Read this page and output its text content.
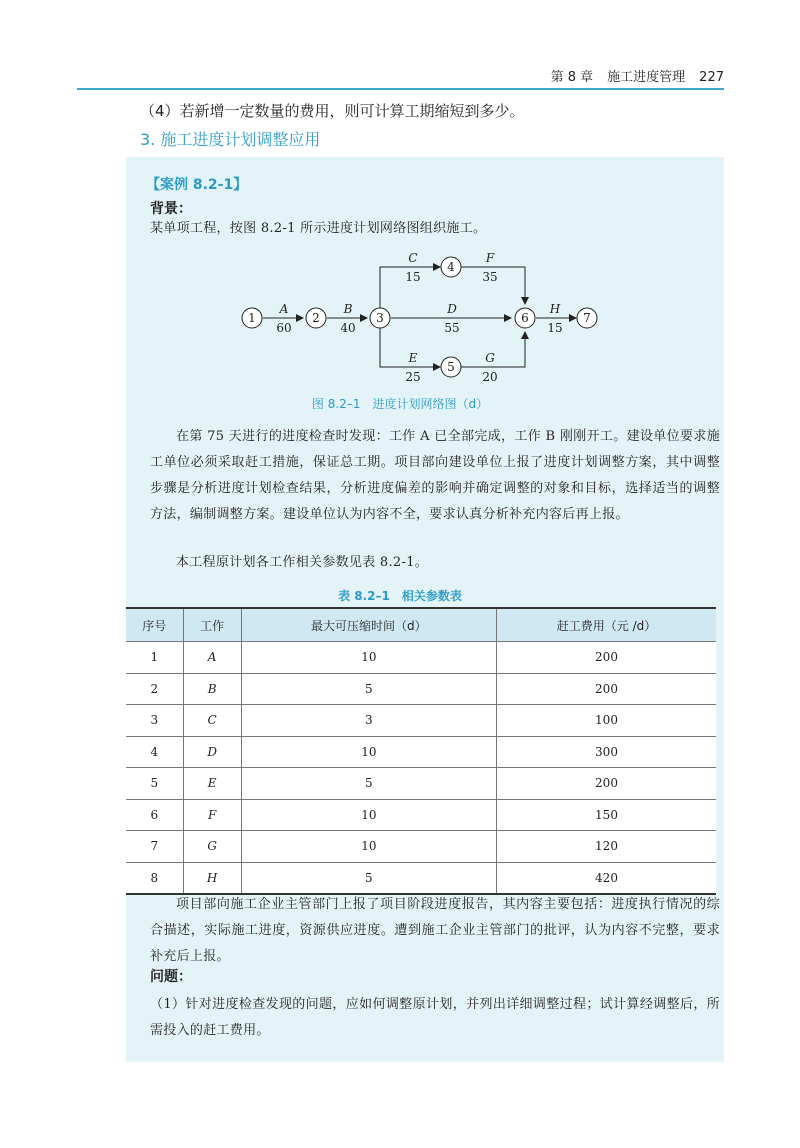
第 8 章 施工进度管理 227
（4）若新增一定数量的费用，则可计算工期缩短到多少。
3. 施工进度计划调整应用
【案例 8.2-1】
背景：
某单项工程，按图 8.2-1 所示进度计划网络图组织施工。
1	2	3
4
5
6	7
A
60
B
40
C
15
F
35
D
55
E
25
G
20
H
15
图 8.2–1　进度计划网络图（d）
在第 75 天进行的进度检查时发现：工作 A 已全部完成，工作 B 刚刚开工。建设单位要求施工单位必须采取赶工措施，保证总工期。项目部向建设单位上报了进度计划调整方案，其中调整步骤是分析进度计划检查结果，分析进度偏差的影响并确定调整的对象和目标，选择适当的调整方法，编制调整方案。建设单位认为内容不全，要求认真分析补充内容后再上报。
本工程原计划各工作相关参数见表 8.2-1。
表 8.2–1　相关参数表
序号	工作	最大可压缩时间（d）	赶工费用（元 /d）
1	A	10	200
2	B	5	200
3	C	3	100
4	D	10	300
5	E	5	200
6	F	10	150
7	G	10	120
8	H	5	420
项目部向施工企业主管部门上报了项目阶段进度报告，其内容主要包括：进度执行情况的综合描述，实际施工进度，资源供应进度。遭到施工企业主管部门的批评，认为内容不完整，要求补充后上报。
问题：
（1）针对进度检查发现的问题，应如何调整原计划，并列出详细调整过程；试计算经调整后，所需投入的赶工费用。
